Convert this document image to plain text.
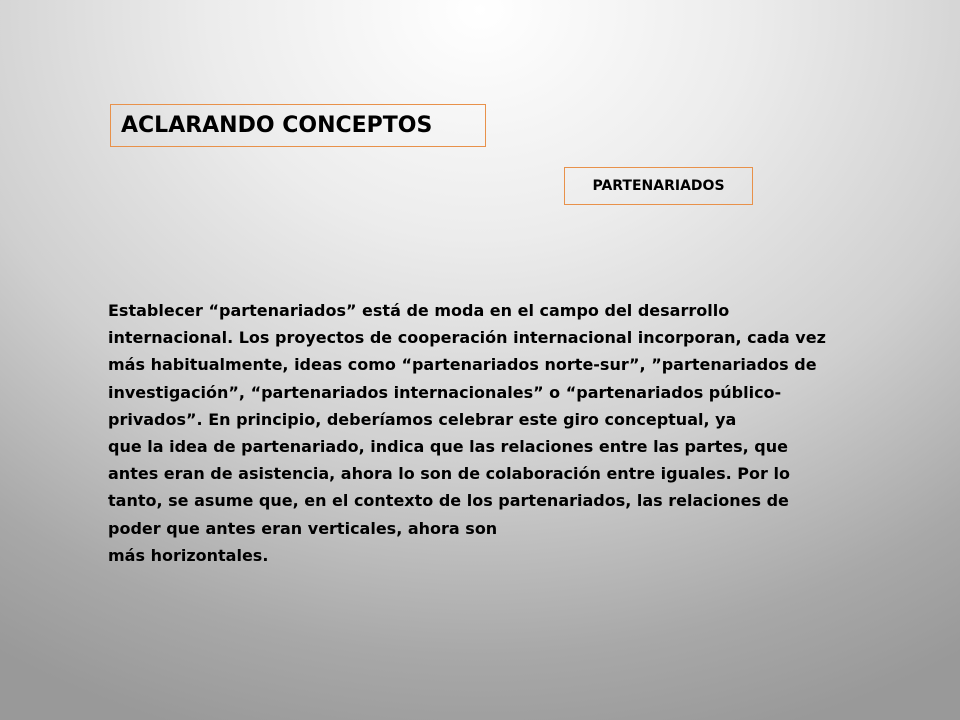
ACLARANDO CONCEPTOS
PARTENARIADOS
Establecer “partenariados” está de moda en el campo del desarrollo
internacional. Los proyectos de cooperación internacional incorporan, cada vez
más habitualmente, ideas como “partenariados norte-sur”, ”partenariados de
investigación”, “partenariados internacionales” o “partenariados público-
privados”. En principio, deberíamos celebrar este giro conceptual, ya
que la idea de partenariado, indica que las relaciones entre las partes, que
antes eran de asistencia, ahora lo son de colaboración entre iguales. Por lo
tanto, se asume que, en el contexto de los partenariados, las relaciones de
poder que antes eran verticales, ahora son
más horizontales.
